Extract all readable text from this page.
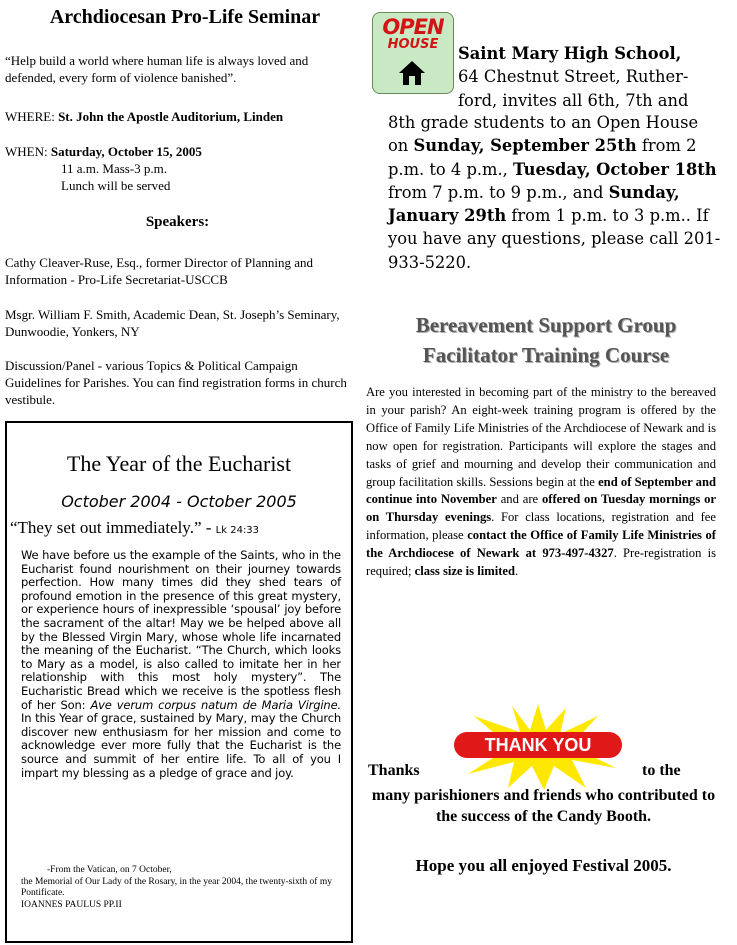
Archdiocesan Pro-Life Seminar
“Help build a world where human life is always loved and defended, every form of violence banished”.
WHERE: St. John the Apostle Auditorium, Linden
WHEN: Saturday, October 15, 2005
11 a.m. Mass-3 p.m.
Lunch will be served
Speakers:
Cathy Cleaver-Ruse, Esq., former Director of Planning and Information - Pro-Life Secretariat-USCCB
Msgr. William F. Smith, Academic Dean, St. Joseph’s Seminary, Dunwoodie, Yonkers, NY
Discussion/Panel - various Topics & Political Campaign Guidelines for Parishes. You can find registration forms in church vestibule.
The Year of the Eucharist
October 2004 - October 2005
“They set out immediately.” - Lk 24:33
We have before us the example of the Saints, who in the Eucharist found nourishment on their journey towards perfection. How many times did they shed tears of profound emotion in the presence of this great mystery, or experience hours of inexpressible ‘spousal’ joy before the sacrament of the altar! May we be helped above all by the Blessed Virgin Mary, whose whole life incarnated the meaning of the Eucharist. “The Church, which looks to Mary as a model, is also called to imitate her in her relationship with this most holy mystery”. The Eucharistic Bread which we receive is the spotless flesh of her Son: Ave verum corpus natum de Maria Virgine. In this Year of grace, sustained by Mary, may the Church discover new enthusiasm for her mission and come to acknowledge ever more fully that the Eucharist is the source and summit of her entire life. To all of you I impart my blessing as a pledge of grace and joy.
-From the Vatican, on 7 October,
the Memorial of Our Lady of the Rosary, in the year 2004, the twenty-sixth of my Pontificate.
IOANNES PAULUS PP.II
OPEN
HOUSE	Saint Mary High School,
64 Chestnut Street, Ruther-
ford, invites all 6th, 7th and
8th grade students to an Open House on Sunday, September 25th from 2 p.m. to 4 p.m., Tuesday, October 18th from 7 p.m. to 9 p.m., and Sunday, January 29th from 1 p.m. to 3 p.m.. If you have any questions, please call 201-933-5220.
Bereavement Support Group Facilitator Training Course
Are you interested in becoming part of the ministry to the bereaved in your parish? An eight-week training program is offered by the Office of Family Life Ministries of the Archdiocese of Newark and is now open for registration. Participants will explore the stages and tasks of grief and mourning and develop their communication and group facilitation skills. Sessions begin at the end of September and continue into November and are offered on Tuesday mornings or on Thursday evenings. For class locations, registration and fee information, please contact the Office of Family Life Ministries of the Archdiocese of Newark at 973-497-4327. Pre-registration is required; class size is limited.
THANK YOU
Thanks	to the
many parishioners and friends who contributed to the success of the Candy Booth.
Hope you all enjoyed Festival 2005.
